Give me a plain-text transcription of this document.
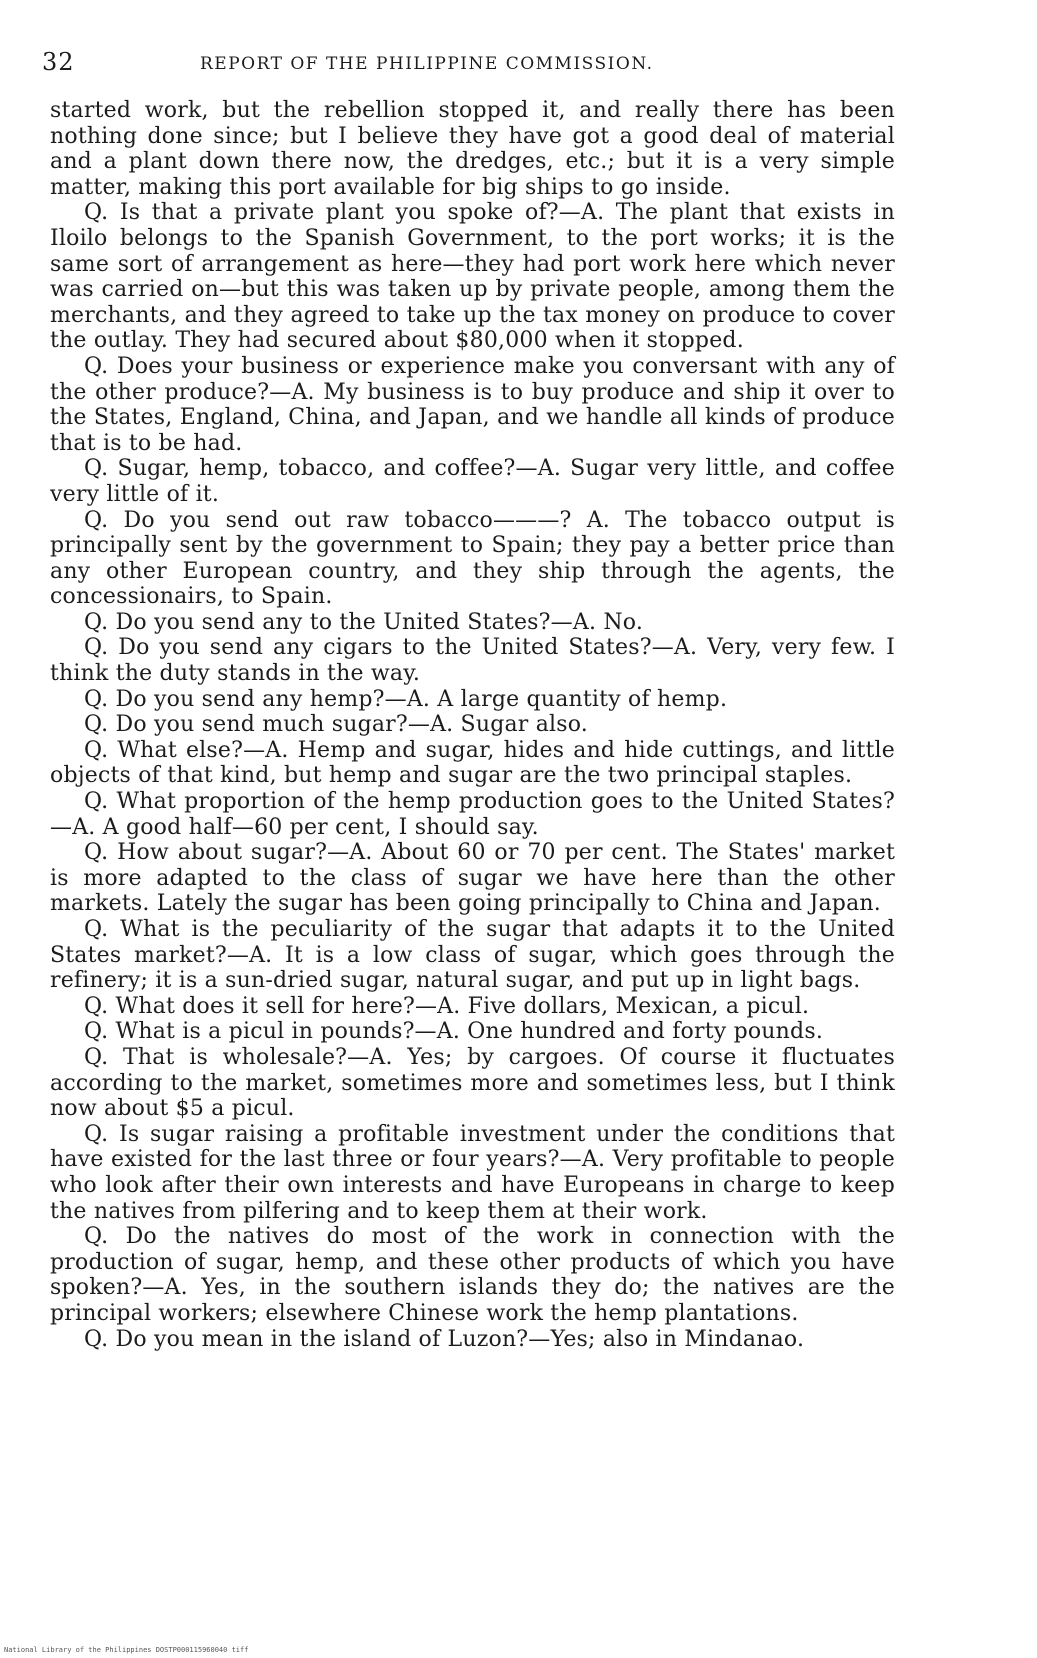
32	REPORT OF THE PHILIPPINE COMMISSION.

started work, but the rebellion stopped it, and really there has been nothing done since; but I believe they have got a good deal of material and a plant down there now, the dredges, etc.; but it is a very simple matter, making this port available for big ships to go inside.

Q. Is that a private plant you spoke of?—A. The plant that exists in Iloilo belongs to the Spanish Government, to the port works; it is the same sort of arrangement as here—they had port work here which never was carried on—but this was taken up by private people, among them the merchants, and they agreed to take up the tax money on produce to cover the outlay. They had secured about $80,000 when it stopped.

Q. Does your business or experience make you conversant with any of the other produce?—A. My business is to buy produce and ship it over to the States, England, China, and Japan, and we handle all kinds of produce that is to be had.

Q. Sugar, hemp, tobacco, and coffee?—A. Sugar very little, and coffee very little of it.

Q. Do you send out raw tobacco———? A. The tobacco output is principally sent by the government to Spain; they pay a better price than any other European country, and they ship through the agents, the concessionairs, to Spain.

Q. Do you send any to the United States?—A. No.

Q. Do you send any cigars to the United States?—A. Very, very few. I think the duty stands in the way.

Q. Do you send any hemp?—A. A large quantity of hemp.

Q. Do you send much sugar?—A. Sugar also.

Q. What else?—A. Hemp and sugar, hides and hide cuttings, and little objects of that kind, but hemp and sugar are the two principal staples.

Q. What proportion of the hemp production goes to the United States?—A. A good half—60 per cent, I should say.

Q. How about sugar?—A. About 60 or 70 per cent. The States' market is more adapted to the class of sugar we have here than the other markets. Lately the sugar has been going principally to China and Japan.

Q. What is the peculiarity of the sugar that adapts it to the United States market?—A. It is a low class of sugar, which goes through the refinery; it is a sun-dried sugar, natural sugar, and put up in light bags.

Q. What does it sell for here?—A. Five dollars, Mexican, a picul.

Q. What is a picul in pounds?—A. One hundred and forty pounds.

Q. That is wholesale?—A. Yes; by cargoes. Of course it fluctuates according to the market, sometimes more and sometimes less, but I think now about $5 a picul.

Q. Is sugar raising a profitable investment under the conditions that have existed for the last three or four years?—A. Very profitable to people who look after their own interests and have Europeans in charge to keep the natives from pilfering and to keep them at their work.

Q. Do the natives do most of the work in connection with the production of sugar, hemp, and these other products of which you have spoken?—A. Yes, in the southern islands they do; the natives are the principal workers; elsewhere Chinese work the hemp plantations.

Q. Do you mean in the island of Luzon?—Yes; also in Mindanao.

National Library of the Philippines DOSTP000115960040 tiff
